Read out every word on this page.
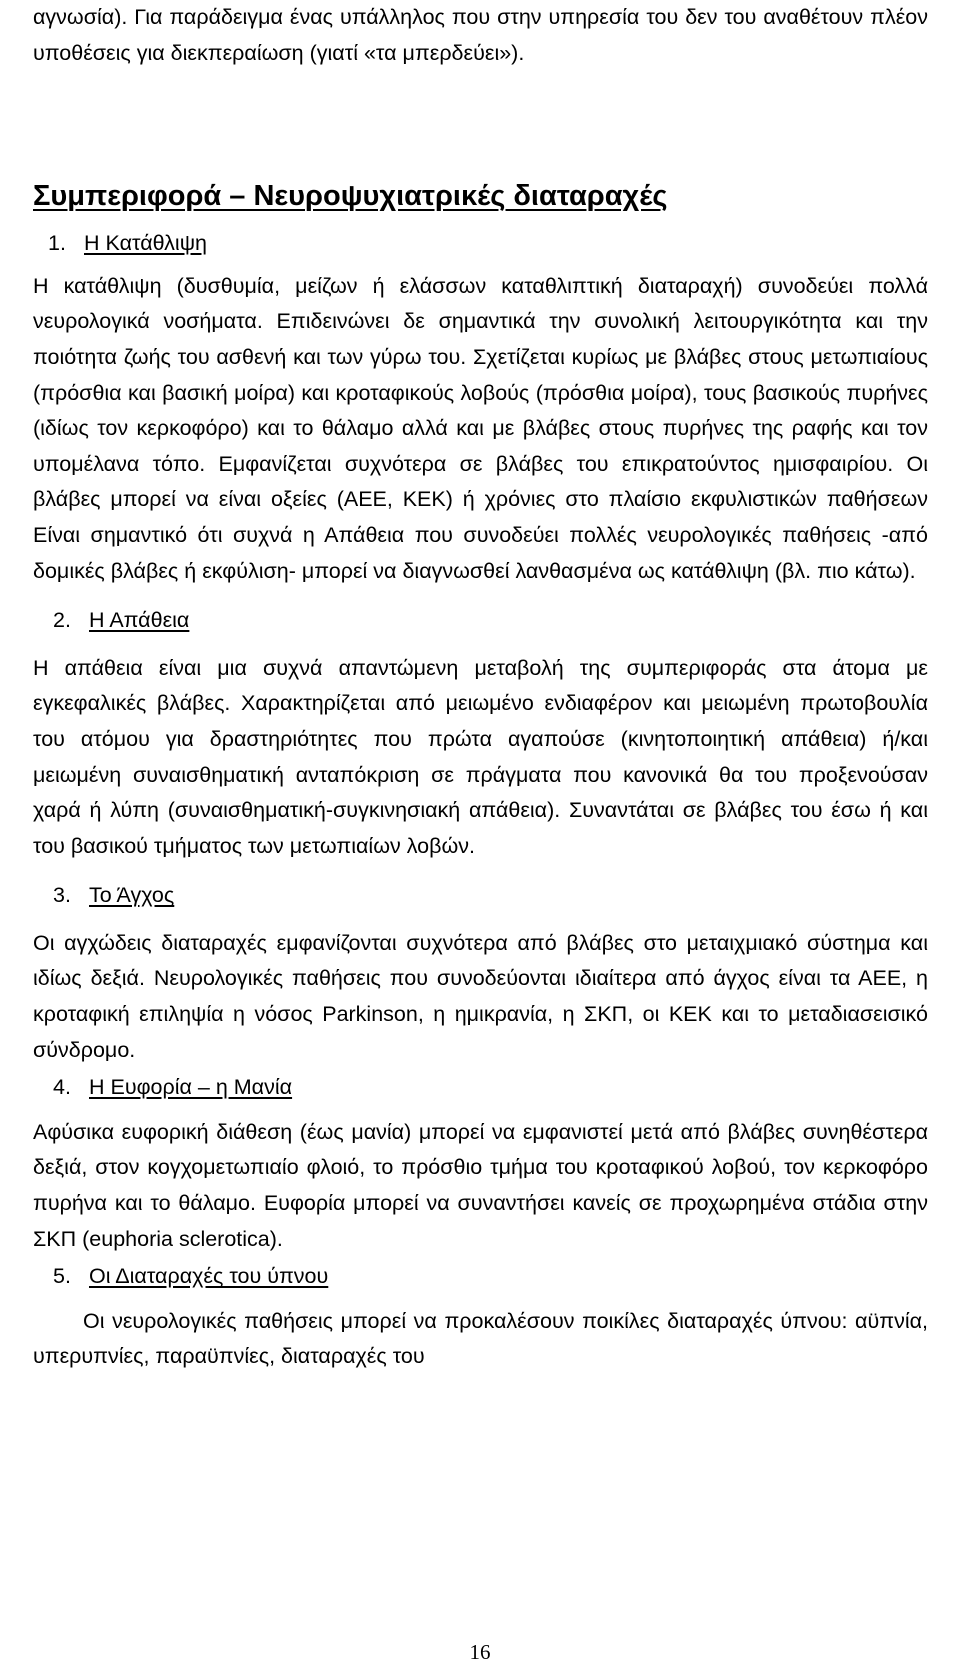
αγνωσία). Για παράδειγμα ένας υπάλληλος που στην υπηρεσία του δεν του αναθέτουν πλέον υποθέσεις για διεκπεραίωση (γιατί «τα μπερδεύει»).

Συμπεριφορά – Νευροψυχιατρικές διαταραχές
1. Η Κατάθλιψη

Η κατάθλιψη (δυσθυμία, μείζων ή ελάσσων καταθλιπτική διαταραχή) συνοδεύει πολλά νευρολογικά νοσήματα. Επιδεινώνει δε σημαντικά την συνολική λειτουργικότητα και την ποιότητα ζωής του ασθενή και των γύρω του. Σχετίζεται κυρίως με βλάβες στους μετωπιαίους (πρόσθια και βασική μοίρα) και κροταφικούς λοβούς (πρόσθια μοίρα), τους βασικούς πυρήνες (ιδίως τον κερκοφόρο) και το θάλαμο αλλά και με βλάβες στους πυρήνες της ραφής και τον υπομέλανα τόπο. Εμφανίζεται συχνότερα σε βλάβες του επικρατούντος ημισφαιρίου. Οι βλάβες μπορεί να είναι οξείες (ΑΕΕ, ΚΕΚ) ή χρόνιες στο πλαίσιο εκφυλιστικών παθήσεων Είναι σημαντικό ότι συχνά η Απάθεια που συνοδεύει πολλές νευρολογικές παθήσεις -από δομικές βλάβες ή εκφύλιση- μπορεί να διαγνωσθεί λανθασμένα ως κατάθλιψη (βλ. πιο κάτω).

2. Η Απάθεια

Η απάθεια είναι μια συχνά απαντώμενη μεταβολή της συμπεριφοράς στα άτομα με εγκεφαλικές βλάβες. Χαρακτηρίζεται από μειωμένο ενδιαφέρον και μειωμένη πρωτοβουλία του ατόμου για δραστηριότητες που πρώτα αγαπούσε (κινητοποιητική απάθεια) ή/και μειωμένη συναισθηματική ανταπόκριση σε πράγματα που κανονικά θα του προξενούσαν χαρά ή λύπη (συναισθηματική-συγκινησιακή απάθεια). Συναντάται σε βλάβες του έσω ή και του βασικού τμήματος των μετωπιαίων λοβών.

3. Το Άγχος

Οι αγχώδεις διαταραχές εμφανίζονται συχνότερα από βλάβες στο μεταιχμιακό σύστημα και ιδίως δεξιά. Νευρολογικές παθήσεις που συνοδεύονται ιδιαίτερα από άγχος είναι τα ΑΕΕ, η κροταφική επιληψία η νόσος Parkinson, η ημικρανία, η ΣΚΠ, οι ΚΕΚ και το μεταδιασεισικό σύνδρομο.

4. Η Ευφορία – η Μανία

Αφύσικα ευφορική διάθεση (έως μανία) μπορεί να εμφανιστεί μετά από βλάβες συνηθέστερα δεξιά, στον κογχομετωπιαίο φλοιό, το πρόσθιο τμήμα του κροταφικού λοβού, τον κερκοφόρο πυρήνα και το θάλαμο. Ευφορία μπορεί να συναντήσει κανείς σε προχωρημένα στάδια στην ΣΚΠ (euphoria sclerotica).

5. Οι Διαταραχές του ύπνου

Οι νευρολογικές παθήσεις μπορεί να προκαλέσουν ποικίλες διαταραχές ύπνου: αϋπνία, υπερυπνίες, παραϋπνίες, διαταραχές του

16
